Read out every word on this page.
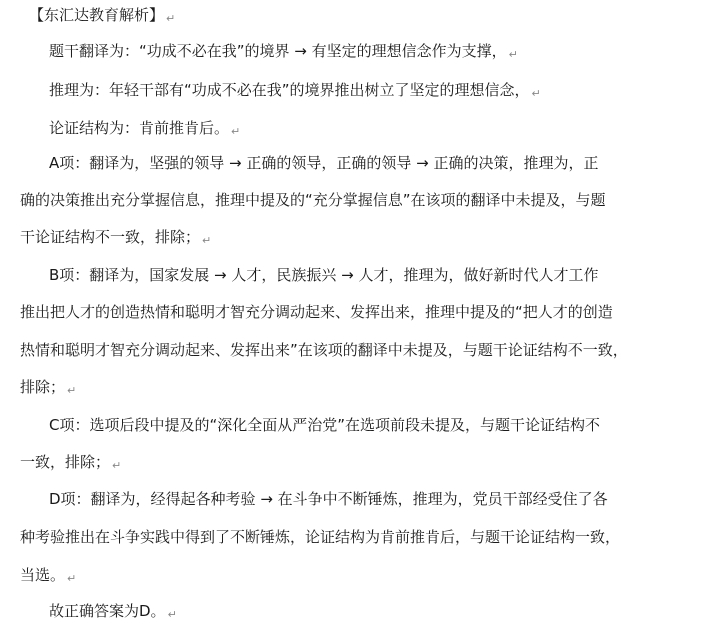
【东汇达教育解析】 ↵
题干翻译为：“功成不必在我”的境界 → 有坚定的理想信念作为支撑， ↵
推理为：年轻干部有“功成不必在我”的境界推出树立了坚定的理想信念， ↵
论证结构为：肯前推肯后。 ↵
A项：翻译为，坚强的领导 → 正确的领导，正确的领导 → 正确的决策，推理为，正
确的决策推出充分掌握信息，推理中提及的“充分掌握信息”在该项的翻译中未提及，与题
干论证结构不一致，排除； ↵
B项：翻译为，国家发展 → 人才，民族振兴 → 人才，推理为，做好新时代人才工作
推出把人才的创造热情和聪明才智充分调动起来、发挥出来，推理中提及的“把人才的创造
热情和聪明才智充分调动起来、发挥出来”在该项的翻译中未提及，与题干论证结构不一致，
排除； ↵
C项：选项后段中提及的“深化全面从严治党”在选项前段未提及，与题干论证结构不
一致，排除； ↵
D项：翻译为，经得起各种考验 → 在斗争中不断锤炼，推理为，党员干部经受住了各
种考验推出在斗争实践中得到了不断锤炼，论证结构为肯前推肯后，与题干论证结构一致，
当选。 ↵
故正确答案为D。 ↵
